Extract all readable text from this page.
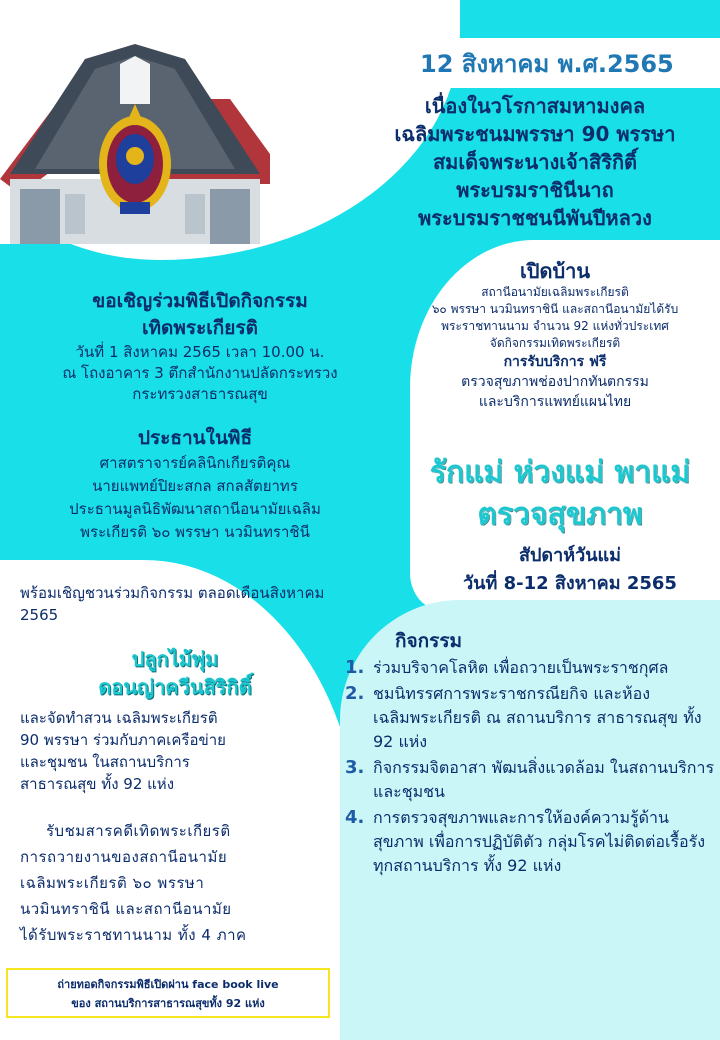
12 สิงหาคม พ.ศ.2565
เนื่องในวโรกาสมหามงคล
เฉลิมพระชนมพรรษา 90 พรรษา
สมเด็จพระนางเจ้าสิริกิติ์
พระบรมราชินีนาถ
พระบรมราชชนนีพันปีหลวง
ขอเชิญร่วมพิธีเปิดกิจกรรม
เทิดพระเกียรติ
วันที่ 1 สิงหาคม 2565 เวลา 10.00 น.
ณ โถงอาคาร 3 ตึกสำนักงานปลัดกระทรวง
กระทรวงสาธารณสุข
ประธานในพิธี
ศาสตราจารย์คลินิกเกียรติคุณ
นายแพทย์ปิยะสกล สกลสัตยาทร
ประธานมูลนิธิพัฒนาสถานีอนามัยเฉลิม
พระเกียรติ ๖๐ พรรษา นวมินทราชินี
เปิดบ้าน
สถานีอนามัยเฉลิมพระเกียรติ
๖๐ พรรษา นวมินทราชินี และสถานีอนามัยได้รับ
พระราชทานนาม จำนวน 92 แห่งทั่วประเทศ
จัดกิจกรรมเทิดพระเกียรติ
การรับบริการ ฟรี
ตรวจสุขภาพช่องปากทันตกรรม
และบริการแพทย์แผนไทย
รักแม่ ห่วงแม่ พาแม่
ตรวจสุขภาพ
สัปดาห์วันแม่
วันที่ 8-12 สิงหาคม 2565
พร้อมเชิญชวนร่วมกิจกรรม ตลอดเดือนสิงหาคม 2565
ปลูกไม้พุ่ม
ดอนญ่าควีนสิริกิติ์
และจัดทำสวน เฉลิมพระเกียรติ
90 พรรษา ร่วมกับภาคเครือข่าย
และชุมชน ในสถานบริการ
สาธารณสุข ทั้ง 92 แห่ง
รับชมสารคดีเทิดพระเกียรติ
การถวายงานของสถานีอนามัย
เฉลิมพระเกียรติ ๖๐ พรรษา
นวมินทราชินี และสถานีอนามัย
ได้รับพระราชทานนาม ทั้ง 4 ภาค
ถ่ายทอดกิจกรรมพิธีเปิดผ่าน face book live
ของ สถานบริการสาธารณสุขทั้ง 92 แห่ง
กิจกรรม
1. ร่วมบริจาคโลหิต เพื่อถวายเป็นพระราชกุศล
2. ชมนิทรรศการพระราชกรณียกิจ และห้องเฉลิมพระเกียรติ ณ สถานบริการ สาธารณสุข ทั้ง 92 แห่ง
3. กิจกรรมจิตอาสา พัฒนสิ่งแวดล้อม ในสถานบริการและชุมชน
4. การตรวจสุขภาพและการให้องค์ความรู้ด้านสุขภาพ เพื่อการปฏิบัติตัว กลุ่มโรคไม่ติดต่อเรื้อรัง ทุกสถานบริการ ทั้ง 92 แห่ง
